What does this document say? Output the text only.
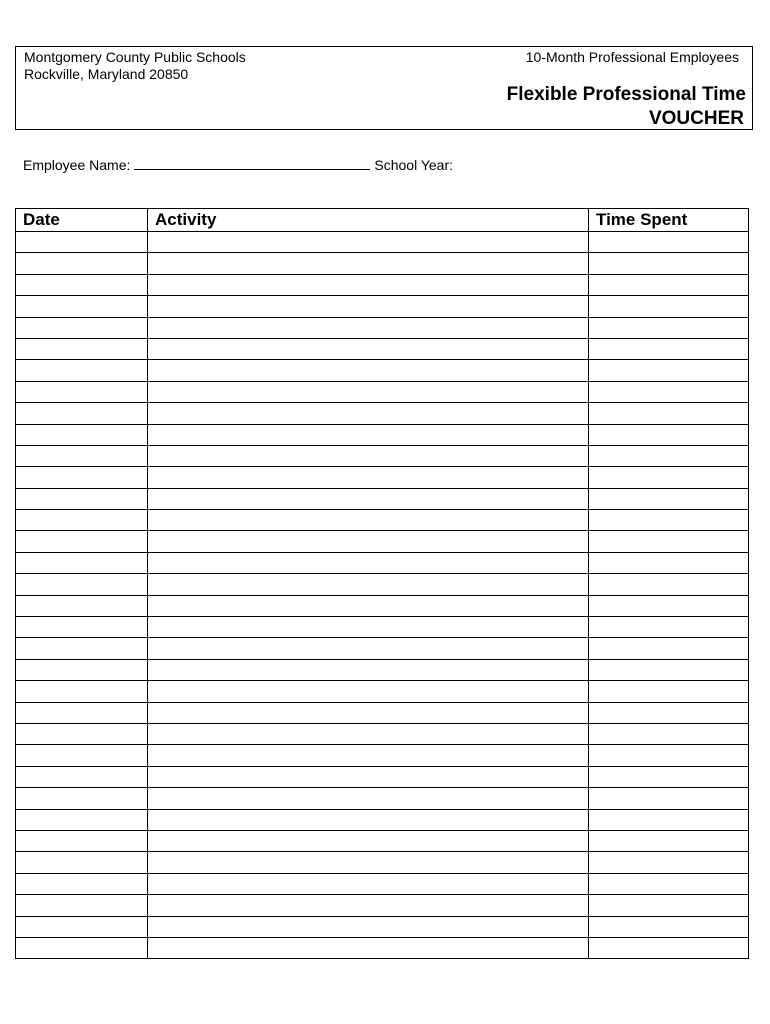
Montgomery County Public Schools
Rockville, Maryland 20850
10-Month Professional Employees
Flexible Professional Time
VOUCHER
Employee Name:	School Year:
Date	Activity	Time Spent
